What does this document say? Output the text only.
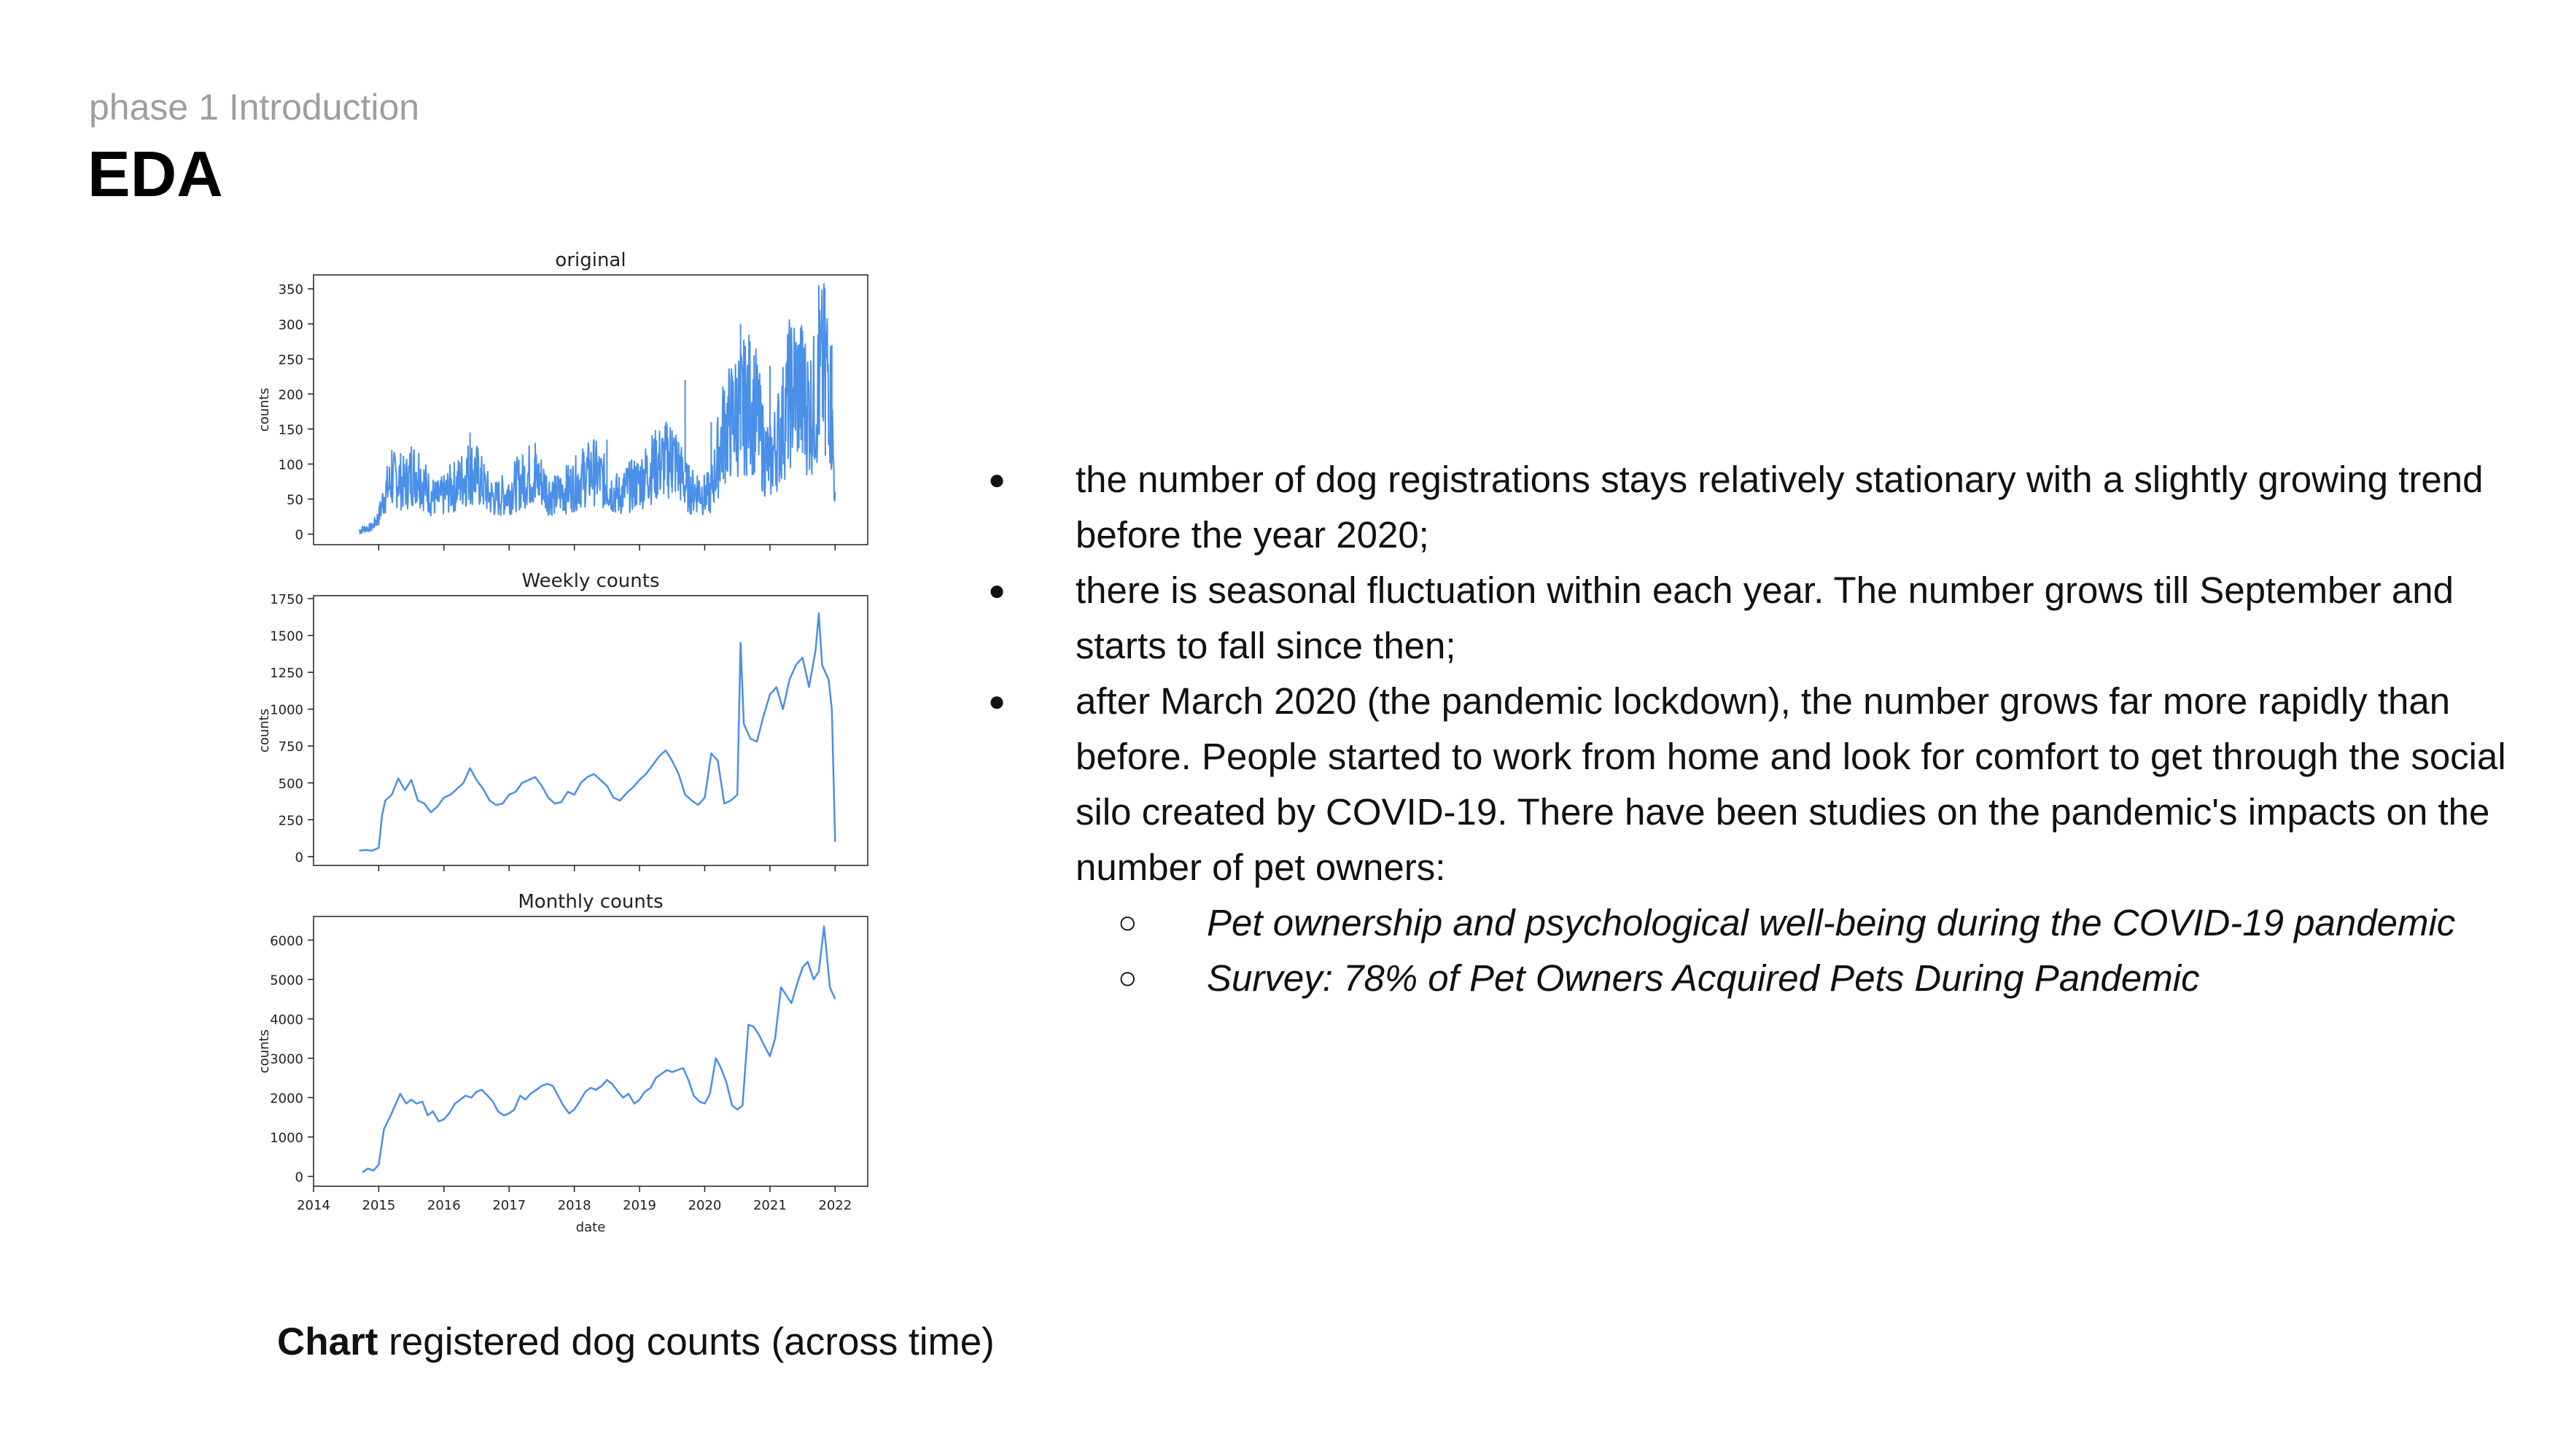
phase 1 Introduction
EDA
original
0
50
100
150
200
250
300
350
counts
Weekly counts
0
250
500
750
1000
1250
1500
1750
counts
Monthly counts
0
1000
2000
3000
4000
5000
6000
2014 2015 2016 2017 2018 2019 2020 2021 2022
counts
date
Chart registered dog counts (across time)
● the number of dog registrations stays relatively stationary with a slightly growing trend before the year 2020;
● there is seasonal fluctuation within each year. The number grows till September and starts to fall since then;
● after March 2020 (the pandemic lockdown), the number grows far more rapidly than before. People started to work from home and look for comfort to get through the social silo created by COVID-19. There have been studies on the pandemic's impacts on the number of pet owners:
○ Pet ownership and psychological well-being during the COVID-19 pandemic
○ Survey: 78% of Pet Owners Acquired Pets During Pandemic
